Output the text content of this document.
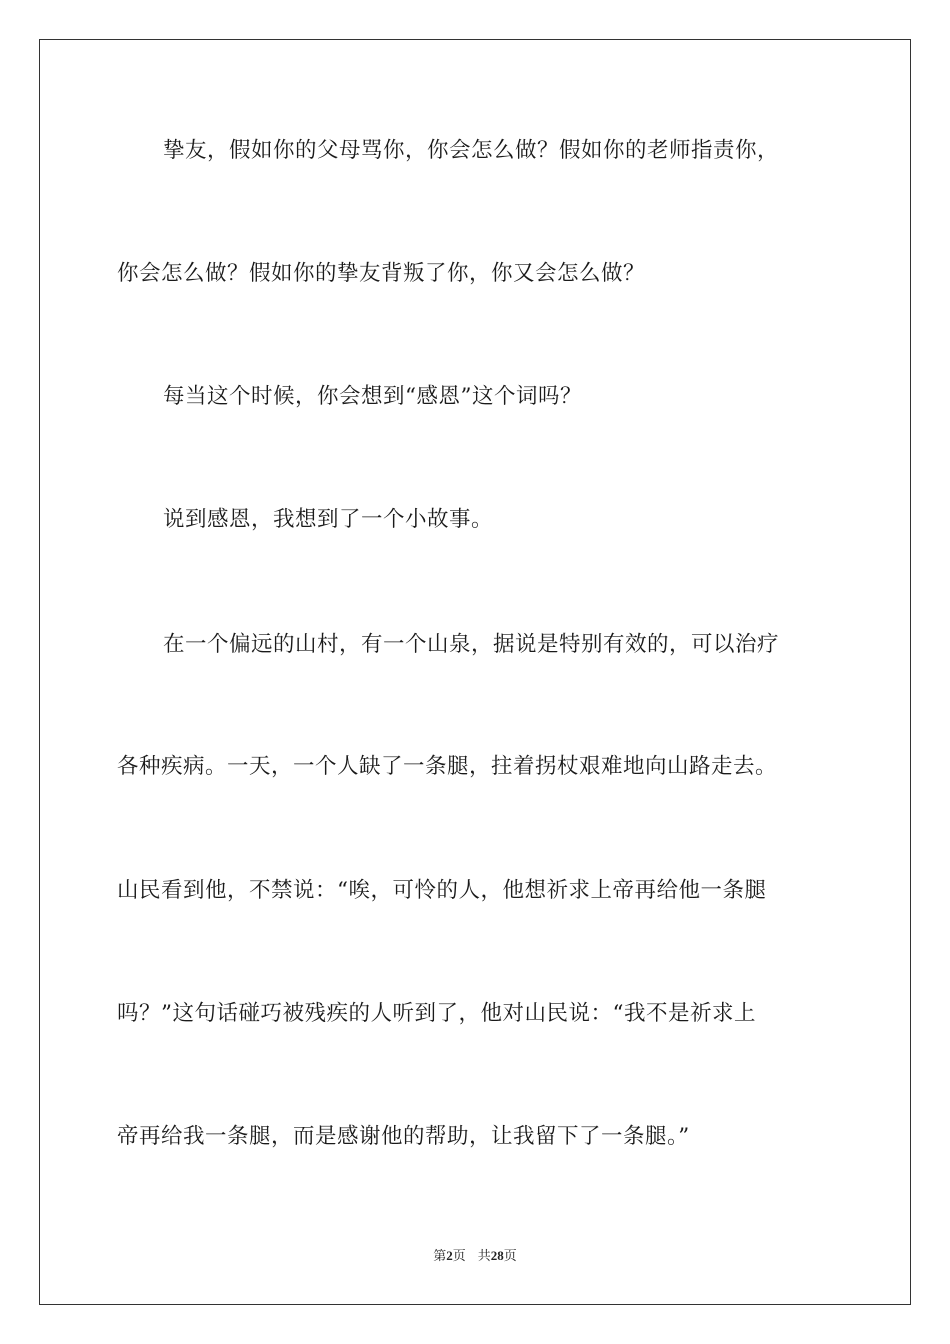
挚友，假如你的父母骂你，你会怎么做？假如你的老师指责你，
你会怎么做？假如你的挚友背叛了你，你又会怎么做？
每当这个时候，你会想到“感恩”这个词吗？
说到感恩，我想到了一个小故事。
在一个偏远的山村，有一个山泉，据说是特别有效的，可以治疗
各种疾病。一天，一个人缺了一条腿，拄着拐杖艰难地向山路走去。
山民看到他，不禁说：“唉，可怜的人，他想祈求上帝再给他一条腿
吗？”这句话碰巧被残疾的人听到了，他对山民说：“我不是祈求上
帝再给我一条腿，而是感谢他的帮助，让我留下了一条腿。”
第2页 共28页
